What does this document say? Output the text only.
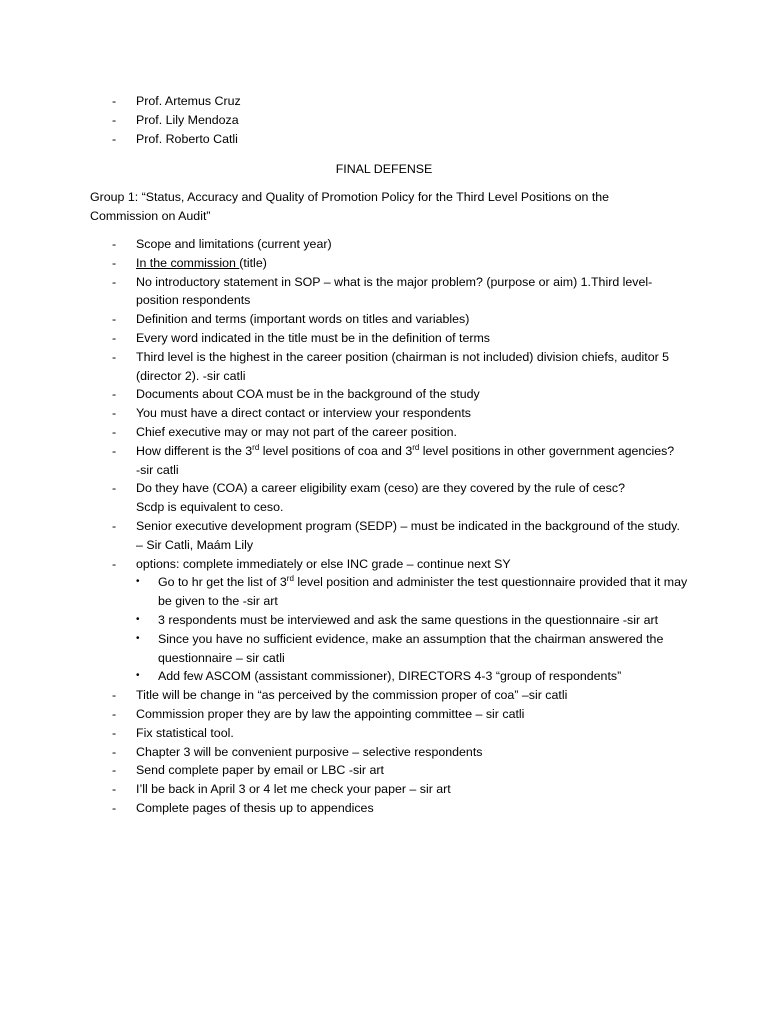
-	Prof. Artemus Cruz
-	Prof. Lily Mendoza
-	Prof. Roberto Catli
FINAL DEFENSE
Group 1: “Status, Accuracy and Quality of Promotion Policy for the Third Level Positions on the Commission on Audit”
-	Scope and limitations (current year)
-	In the commission (title)
-	No introductory statement in SOP – what is the major problem? (purpose or aim) 1.Third level-position respondents
-	Definition and terms (important words on titles and variables)
-	Every word indicated in the title must be in the definition of terms
-	Third level is the highest in the career position (chairman is not included) division chiefs, auditor 5 (director 2). -sir catli
-	Documents about COA must be in the background of the study
-	You must have a direct contact or interview your respondents
-	Chief executive may or may not part of the career position.
-	How different is the 3rd level positions of coa and 3rd level positions in other government agencies? -sir catli
-	Do they have (COA) a career eligibility exam (ceso) are they covered by the rule of cesc?
Scdp is equivalent to ceso.
-	Senior executive development program (SEDP) – must be indicated in the background of the study. – Sir Catli, Maám Lily
-	options: complete immediately or else INC grade – continue next SY
•	Go to hr get the list of 3rd level position and administer the test questionnaire provided that it may be given to the -sir art
•	3 respondents must be interviewed and ask the same questions in the questionnaire -sir art
•	Since you have no sufficient evidence, make an assumption that the chairman answered the questionnaire – sir catli
•	Add few ASCOM (assistant commissioner), DIRECTORS 4-3 “group of respondents”
-	Title will be change in “as perceived by the commission proper of coa” –sir catli
-	Commission proper they are by law the appointing committee – sir catli
-	Fix statistical tool.
-	Chapter 3 will be convenient purposive – selective respondents
-	Send complete paper by email or LBC -sir art
-	I’ll be back in April 3 or 4 let me check your paper – sir art
-	Complete pages of thesis up to appendices
